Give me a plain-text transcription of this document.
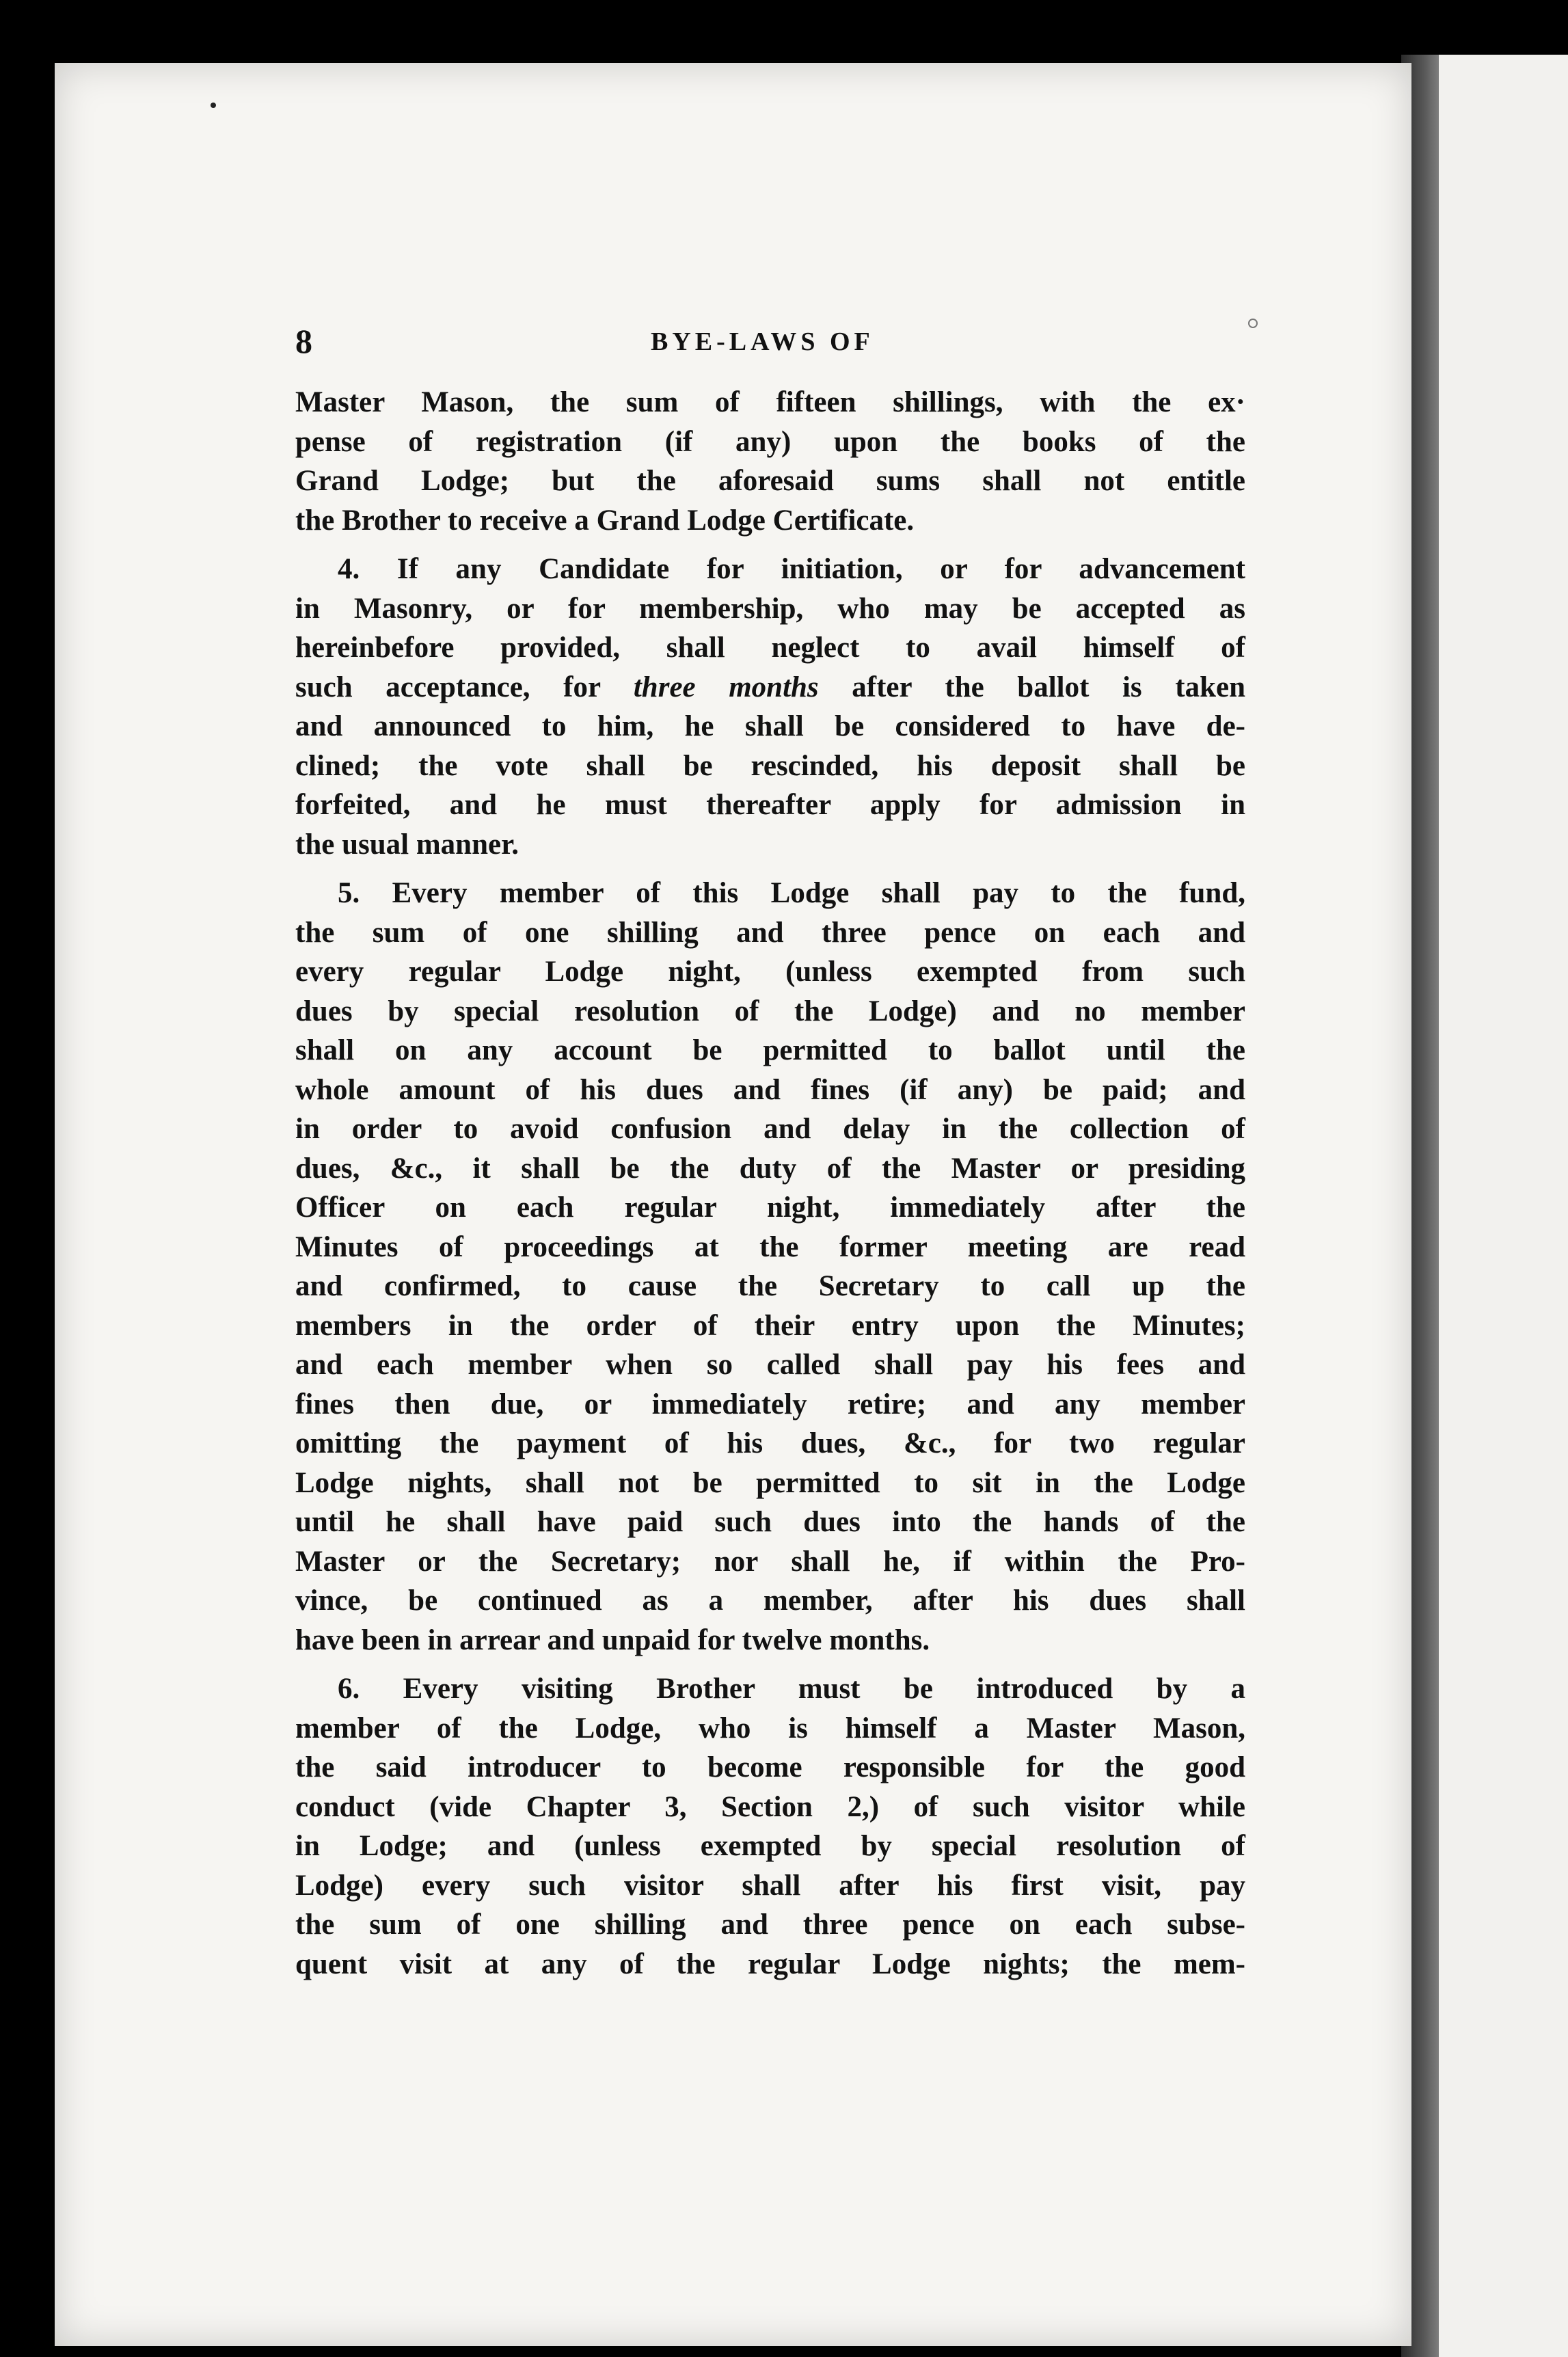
8	BYE-LAWS OF
Master Mason, the sum of fifteen shillings, with the ex·
pense of registration (if any) upon the books of the
Grand Lodge; but the aforesaid sums shall not entitle
the Brother to receive a Grand Lodge Certificate.
4. If any Candidate for initiation, or for advancement
in Masonry, or for membership, who may be accepted as
hereinbefore provided, shall neglect to avail himself of
such acceptance, for three months after the ballot is taken
and announced to him, he shall be considered to have de-
clined; the vote shall be rescinded, his deposit shall be
forfeited, and he must thereafter apply for admission in
the usual manner.
5. Every member of this Lodge shall pay to the fund,
the sum of one shilling and three pence on each and
every regular Lodge night, (unless exempted from such
dues by special resolution of the Lodge) and no member
shall on any account be permitted to ballot until the
whole amount of his dues and fines (if any) be paid; and
in order to avoid confusion and delay in the collection of
dues, &c., it shall be the duty of the Master or presiding
Officer on each regular night, immediately after the
Minutes of proceedings at the former meeting are read
and confirmed, to cause the Secretary to call up the
members in the order of their entry upon the Minutes;
and each member when so called shall pay his fees and
fines then due, or immediately retire; and any member
omitting the payment of his dues, &c., for two regular
Lodge nights, shall not be permitted to sit in the Lodge
until he shall have paid such dues into the hands of the
Master or the Secretary; nor shall he, if within the Pro-
vince, be continued as a member, after his dues shall
have been in arrear and unpaid for twelve months.
6. Every visiting Brother must be introduced by a
member of the Lodge, who is himself a Master Mason,
the said introducer to become responsible for the good
conduct (vide Chapter 3, Section 2,) of such visitor while
in Lodge; and (unless exempted by special resolution of
Lodge) every such visitor shall after his first visit, pay
the sum of one shilling and three pence on each subse-
quent visit at any of the regular Lodge nights; the mem-
